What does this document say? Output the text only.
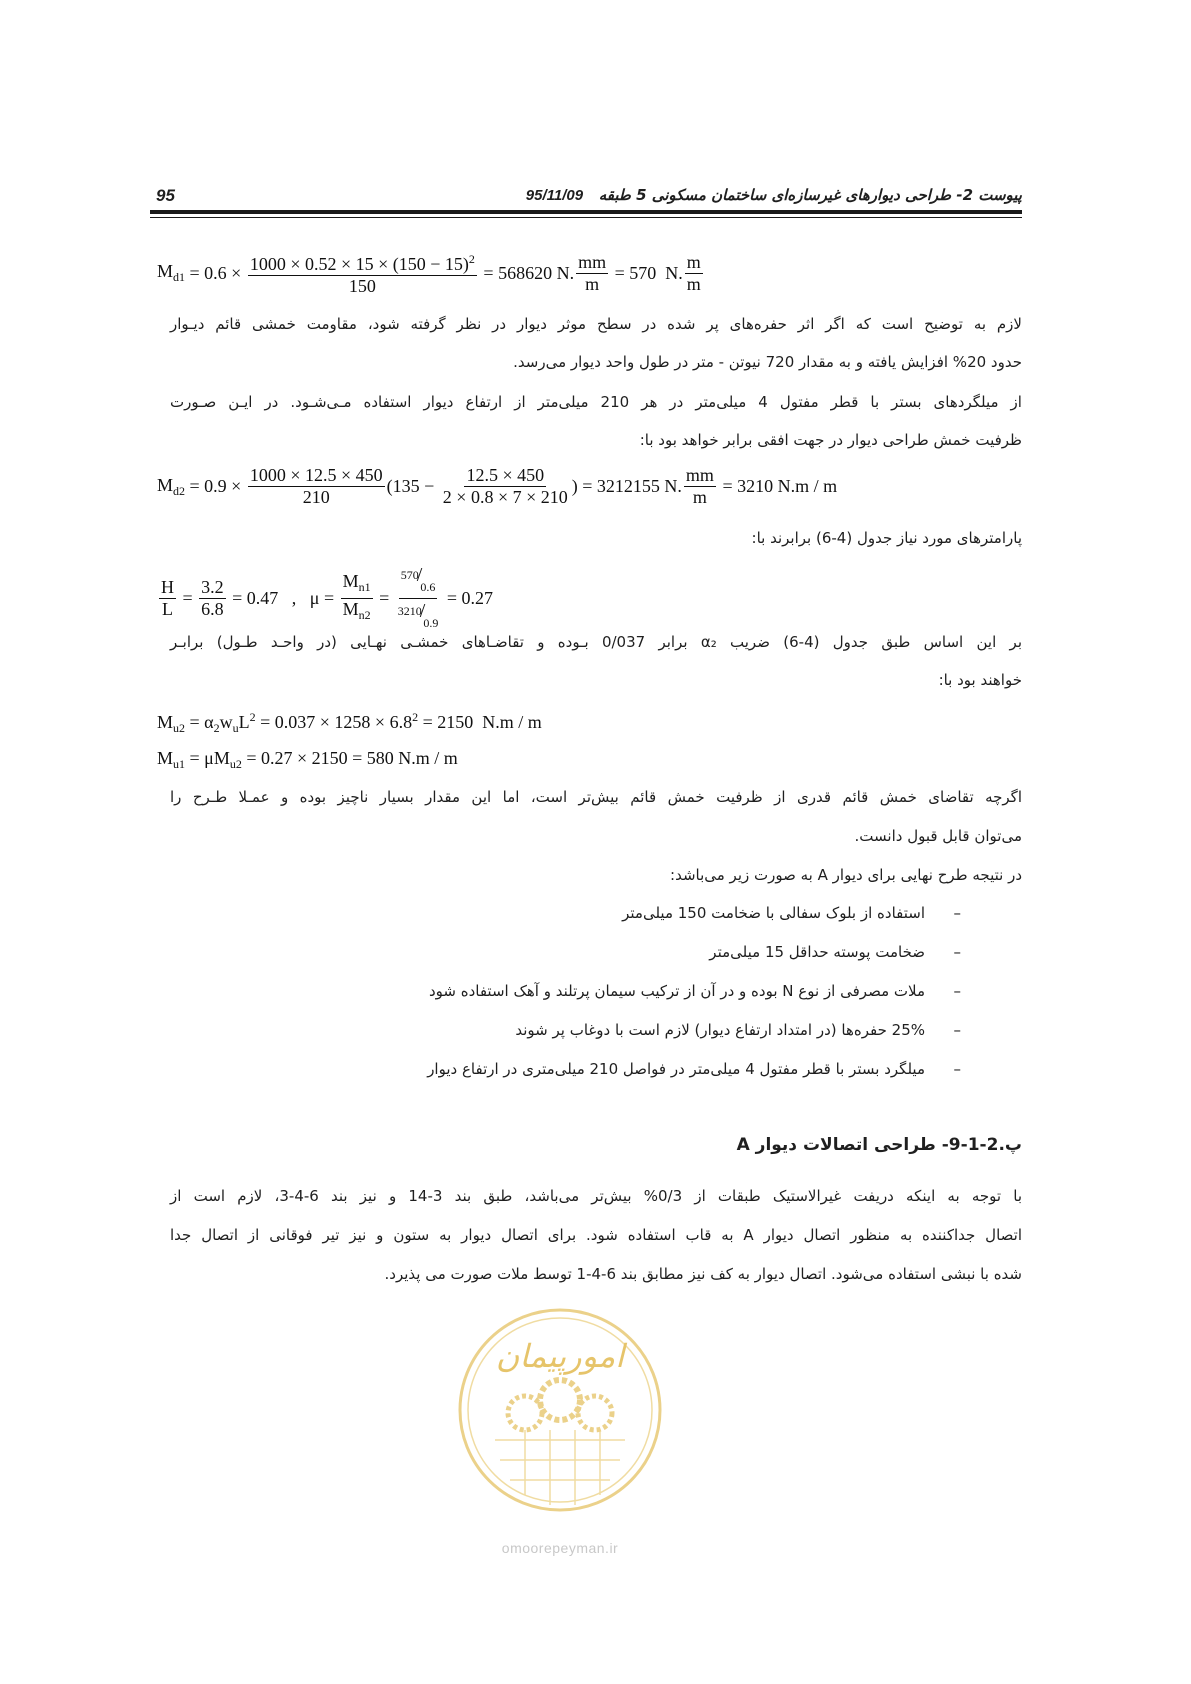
پیوست 2- طراحی دیوارهای غیرسازه‌ای ساختمان مسکونی 5 طبقه   95/11/09
95
$M_{d1} = 0.6 \times \frac{1000 \times 0.52 \times 15 \times (150 - 15)^2}{150} = 568620$ N. $\frac{mm}{m} = 570$  N. $\frac{m}{m}$
لازم به توضیح است که اگر اثر حفره‌های پر شده در سطح موثر دیوار در نظر گرفته شود، مقاومت خمشی قائم دیـوار
حدود 20% افزایش یافته و به مقدار 720 نیوتن - متر در طول واحد دیوار می‌رسد.
از میلگردهای بستر با قطر مفتول 4 میلی‌متر در هر 210 میلی‌متر از ارتفاع دیوار استفاده مـی‌شـود. در ایـن صـورت
ظرفیت خمش طراحی دیوار در جهت افقی برابر خواهد بود با:
$M_{d2} = 0.9 \times \frac{1000 \times 12.5 \times 450}{210} (135 - \frac{12.5 \times 450}{2 \times 0.8 \times 7 \times 210}$ ) = 3212155 N. $\frac{mm}{m} = 3210$ N.m / m
پارامترهای مورد نیاز جدول (4-6) برابرند با:
$\frac{H}{L} = \frac{3.2}{6.8} = 0.47$   ,   $\mu = \frac{M_{n1}}{M_{n2}} = 570$
/
0.6
3210
/
0.9 = 0.27
بر این اساس طبق جدول (4-6) ضریب α₂ برابر 0/037 بـوده و تقاضـاهای خمشـی نهـایی (در واحـد طـول) برابـر
خواهند بود با:
$M_{u2} = \alpha_2w_uL^2 = 0.037 \times 1258 \times 6.8^2 = 2150$  N.m / m
$M_{u1} = \mu M_{u2} = 0.27 \times 2150 = 580$ N.m / m
اگرچه تقاضای خمش قائم قدری از ظرفیت خمش قائم بیش‌تر است، اما این مقدار بسیار ناچیز بوده و عمـلا طـرح را
می‌توان قابل قبول دانست.
در نتیجه طرح نهایی برای دیوار A به صورت زیر می‌باشد:
–استفاده از بلوک سفالی با ضخامت 150 میلی‌متر
–ضخامت پوسته حداقل 15 میلی‌متر
–ملات مصرفی از نوع N بوده و در آن از ترکیب سیمان پرتلند و آهک استفاده شود
–25% حفره‌ها (در امتداد ارتفاع دیوار) لازم است با دوغاب پر شوند
–میلگرد بستر با قطر مفتول 4 میلی‌متر در فواصل 210 میلی‌متری در ارتفاع دیوار
پ.2-1-9- طراحی اتصالات دیوار A
با توجه به اینکه دریفت غیرالاستیک طبقات از 0/3% بیش‌تر می‌باشد، طبق بند 3-14 و نیز بند 6-4-3، لازم است از
اتصال جداکننده به منظور اتصال دیوار A به قاب استفاده شود. برای اتصال دیوار به ستون و نیز تیر فوقانی از اتصال جدا
شده با نبشی استفاده می‌شود. اتصال دیوار به کف نیز مطابق بند 6-4-1 توسط ملات صورت می پذیرد.
امورپیمان
omoorepeyman.ir
